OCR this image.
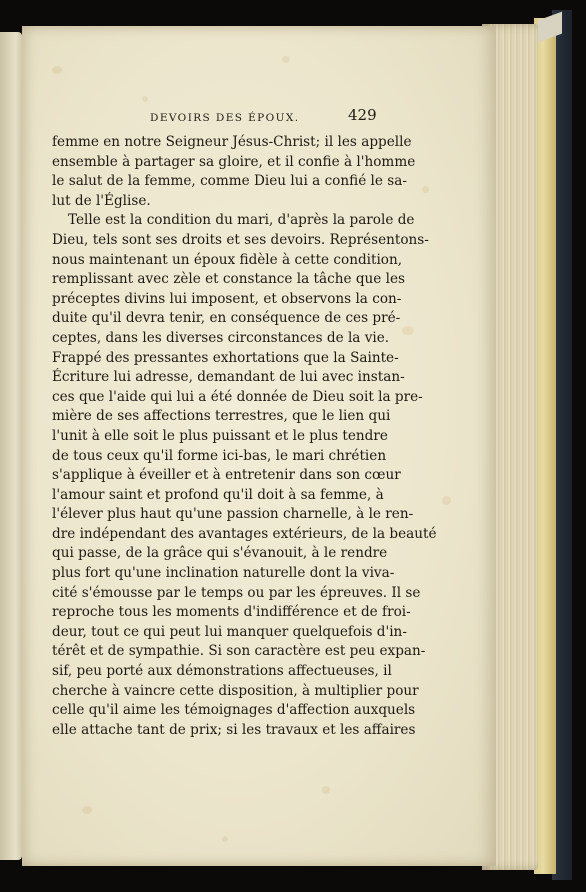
DEVOIRS DES ÉPOUX.	429
femme en notre Seigneur Jésus-Christ; il les appelle
ensemble à partager sa gloire, et il confie à l'homme
le salut de la femme, comme Dieu lui a confié le sa-
lut de l'Église.
Telle est la condition du mari, d'après la parole de
Dieu, tels sont ses droits et ses devoirs. Représentons-
nous maintenant un époux fidèle à cette condition,
remplissant avec zèle et constance la tâche que les
préceptes divins lui imposent, et observons la con-
duite qu'il devra tenir, en conséquence de ces pré-
ceptes, dans les diverses circonstances de la vie.
Frappé des pressantes exhortations que la Sainte-
Écriture lui adresse, demandant de lui avec instan-
ces que l'aide qui lui a été donnée de Dieu soit la pre-
mière de ses affections terrestres, que le lien qui
l'unit à elle soit le plus puissant et le plus tendre
de tous ceux qu'il forme ici-bas, le mari chrétien
s'applique à éveiller et à entretenir dans son cœur
l'amour saint et profond qu'il doit à sa femme, à
l'élever plus haut qu'une passion charnelle, à le ren-
dre indépendant des avantages extérieurs, de la beauté
qui passe, de la grâce qui s'évanouit, à le rendre
plus fort qu'une inclination naturelle dont la viva-
cité s'émousse par le temps ou par les épreuves. Il se
reproche tous les moments d'indifférence et de froi-
deur, tout ce qui peut lui manquer quelquefois d'in-
térêt et de sympathie. Si son caractère est peu expan-
sif, peu porté aux démonstrations affectueuses, il
cherche à vaincre cette disposition, à multiplier pour
celle qu'il aime les témoignages d'affection auxquels
elle attache tant de prix; si les travaux et les affaires
